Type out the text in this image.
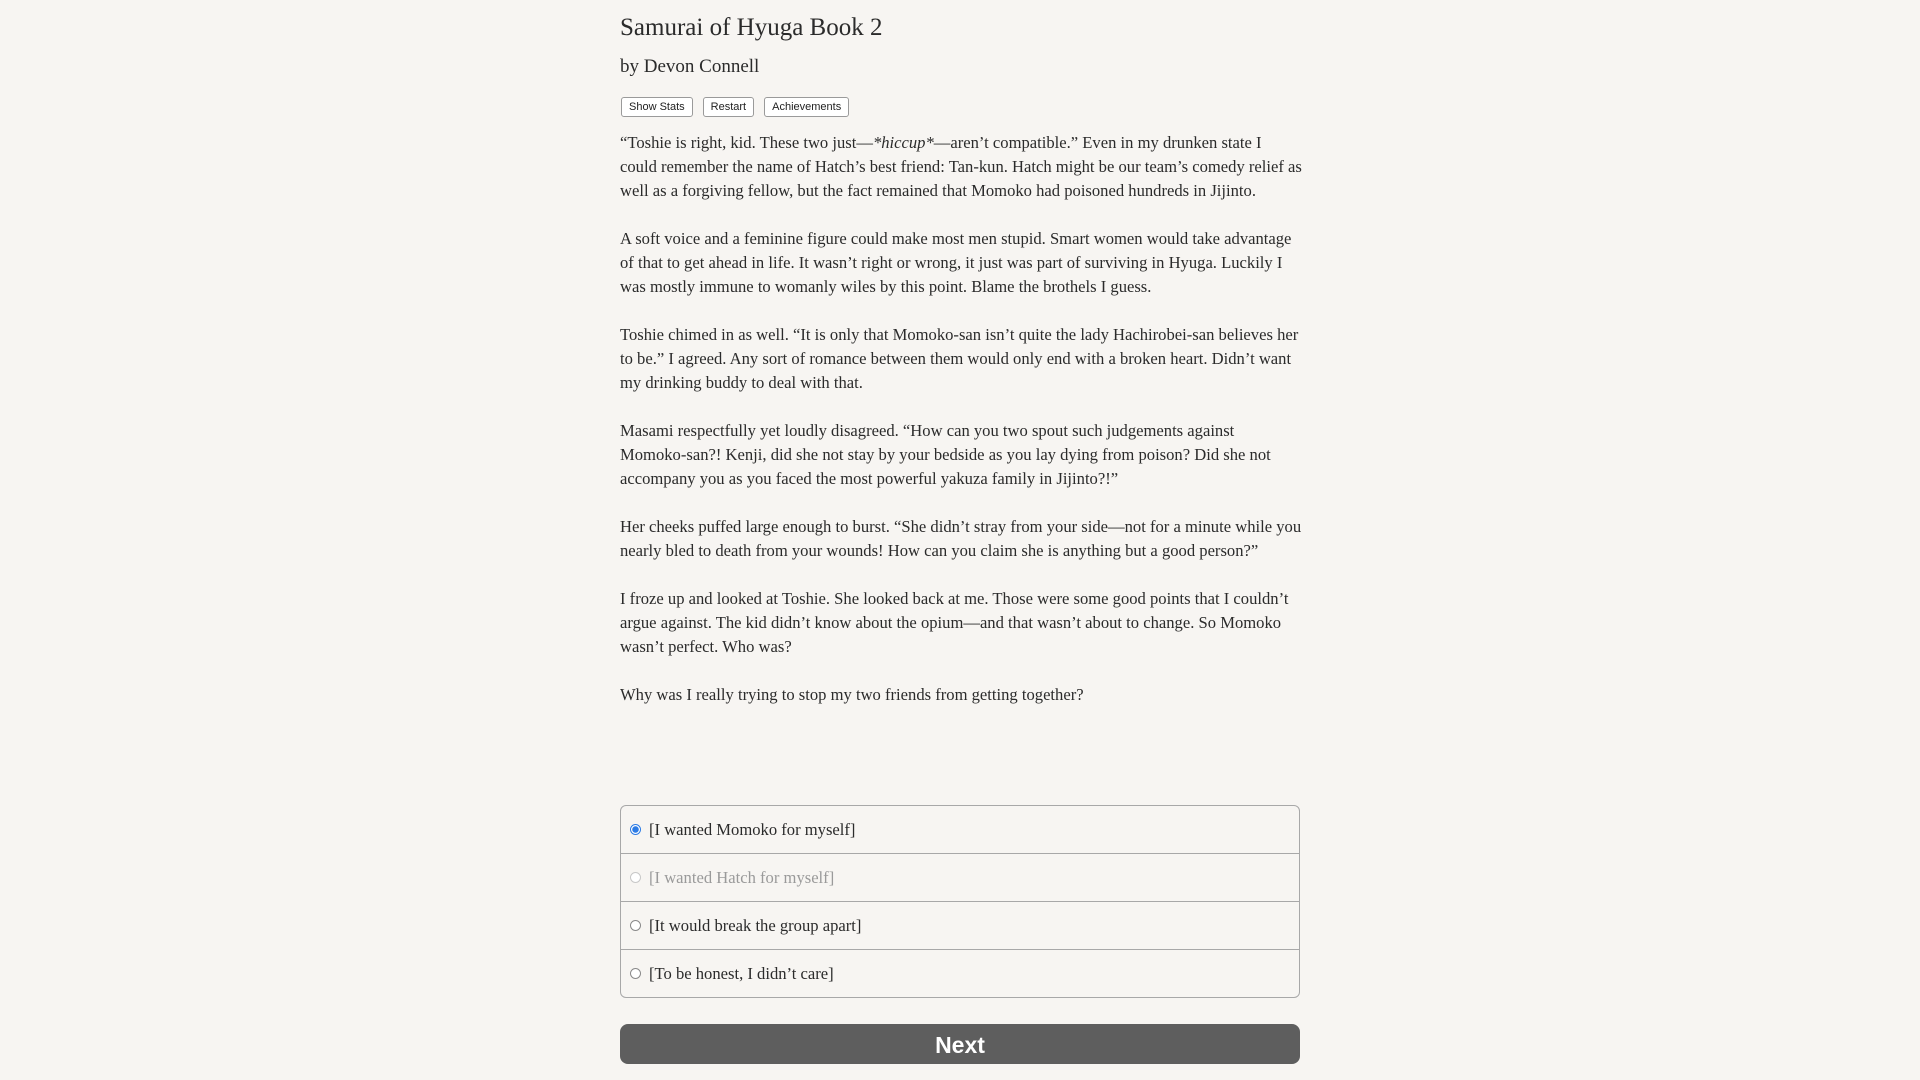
Samurai of Hyuga Book 2
by Devon Connell
Show Stats	Restart	Achievements

“Toshie is right, kid. These two just—*hiccup*—aren’t compatible.” Even in my drunken state I could remember the name of Hatch’s best friend: Tan-kun. Hatch might be our team’s comedy relief as well as a forgiving fellow, but the fact remained that Momoko had poisoned hundreds in Jijinto.

A soft voice and a feminine figure could make most men stupid. Smart women would take advantage of that to get ahead in life. It wasn’t right or wrong, it just was part of surviving in Hyuga. Luckily I was mostly immune to womanly wiles by this point. Blame the brothels I guess.

Toshie chimed in as well. “It is only that Momoko-san isn’t quite the lady Hachirobei-san believes her to be.” I agreed. Any sort of romance between them would only end with a broken heart. Didn’t want my drinking buddy to deal with that.

Masami respectfully yet loudly disagreed. “How can you two spout such judgements against Momoko-san?! Kenji, did she not stay by your bedside as you lay dying from poison? Did she not accompany you as you faced the most powerful yakuza family in Jijinto?!”

Her cheeks puffed large enough to burst. “She didn’t stray from your side—not for a minute while you nearly bled to death from your wounds! How can you claim she is anything but a good person?”

I froze up and looked at Toshie. She looked back at me. Those were some good points that I couldn’t argue against. The kid didn’t know about the opium—and that wasn’t about to change. So Momoko wasn’t perfect. Who was?

Why was I really trying to stop my two friends from getting together?

[I wanted Momoko for myself]
[I wanted Hatch for myself]
[It would break the group apart]
[To be honest, I didn’t care]
Next
